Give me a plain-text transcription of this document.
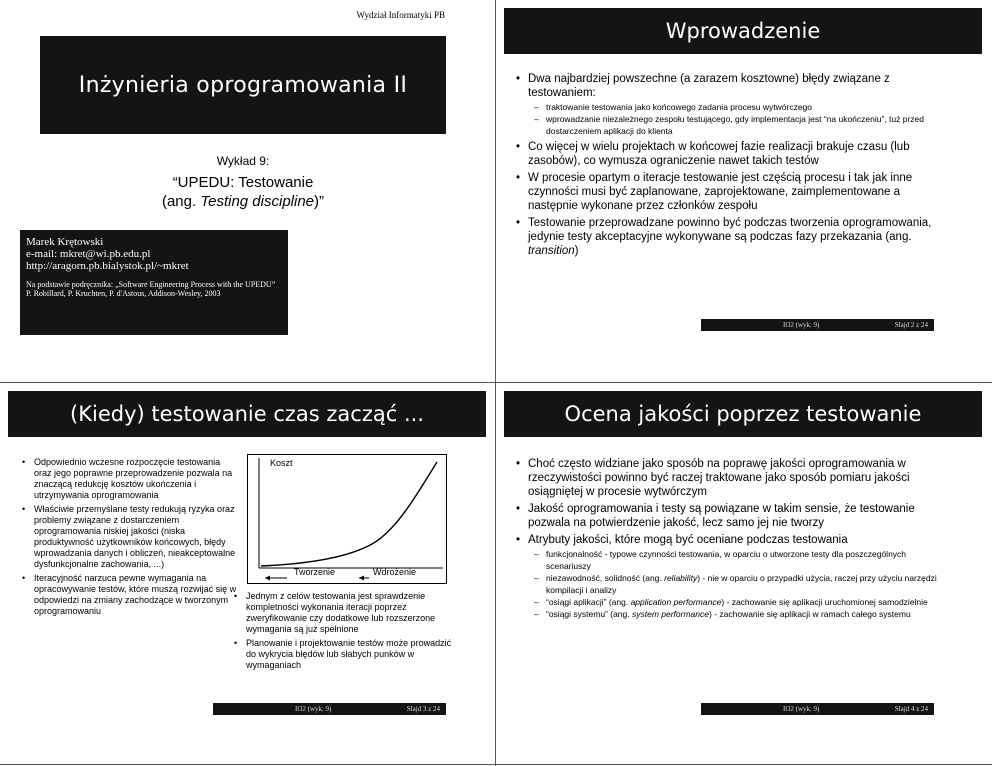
Wydział Informatyki PB
Inżynieria oprogramowania II
Wykład 9:
“UPEDU: Testowanie
(ang. Testing discipline)”
Marek Krętowski
e-mail: mkret@wi.pb.edu.pl
http://aragorn.pb.bialystok.pl/~mkret
Na podstawie podręcznika: „Software Engineering Process with the UPEDU” P. Robillard, P. Kruchten, P. d'Astous, Addison-Wesley, 2003
Wprowadzenie
• Dwa najbardziej powszechne (a zarazem kosztowne) błędy związane z testowaniem:
– traktowanie testowania jako końcowego zadania procesu wytwórczego
– wprowadzanie niezależnego zespołu testującego, gdy implementacja jest “na ukończeniu”, tuż przed dostarczeniem aplikacji do klienta
• Co więcej w wielu projektach w końcowej fazie realizacji brakuje czasu (lub zasobów), co wymusza ograniczenie nawet takich testów
• W procesie opartym o iteracje testowanie jest częścią procesu i tak jak inne czynności musi być zaplanowane, zaprojektowane, zaimplementowane a następnie wykonane przez członków zespołu
• Testowanie przeprowadzane powinno być podczas tworzenia oprogramowania, jedynie testy akceptacyjne wykonywane są podczas fazy przekazania (ang. transition)
IO2 (wyk. 9)	Slajd 2 z 24
(Kiedy) testowanie czas zacząć ...
• Odpowiednio wczesne rozpoczęcie testowania oraz jego poprawne przeprowadzenie pozwala na znaczącą redukcję kosztów ukończenia i utrzymywania oprogramowania
• Właściwie przemyślane testy redukują ryzyka oraz problemy związane z dostarczeniem oprogramowania niskiej jakości (niska produktywność użytkowników końcowych, błędy wprowadzania danych i obliczeń, nieakceptowalne dysfunkcjonalne zachowania, ...)
• Iteracyjność narzuca pewne wymagania na opracowywanie testów, które muszą rozwijać się w odpowiedzi na zmiany zachodzące w tworzonym oprogramowaniu
Koszt
Tworzenie	Wdrożenie
• Jednym z celów testowania jest sprawdzenie kompletności wykonania iteracji poprzez zweryfikowanie czy dodatkowe lub rozszerzone wymagania są już spełnione
• Planowanie i projektowanie testów może prowadzić do wykrycia błędów lub słabych punków w wymaganiach
IO2 (wyk. 9)	Slajd 3 z 24
Ocena jakości poprzez testowanie
• Choć często widziane jako sposób na poprawę jakości oprogramowania w rzeczywistości powinno być raczej traktowane jako sposób pomiaru jakości osiągniętej w procesie wytwórczym
• Jakość oprogramowania i testy są powiązane w takim sensie, że testowanie pozwala na potwierdzenie jakość, lecz samo jej nie tworzy
• Atrybuty jakości, które mogą być oceniane podczas testowania
– funkcjonalność - typowe czynności testowania, w oparciu o utworzone testy dla poszczególnych scenariuszy
– niezawodność, solidność (ang. reliability) - nie w oparciu o przypadki użycia, raczej przy użyciu narzędzi kompilacji i analizy
– “osiągi aplikacji” (ang. application performance) - zachowanie się aplikacji uruchomionej samodzielnie
– “osiągi systemu” (ang. system performance) - zachowanie się aplikacji w ramach całego systemu
IO2 (wyk. 9)	Slajd 4 z 24
